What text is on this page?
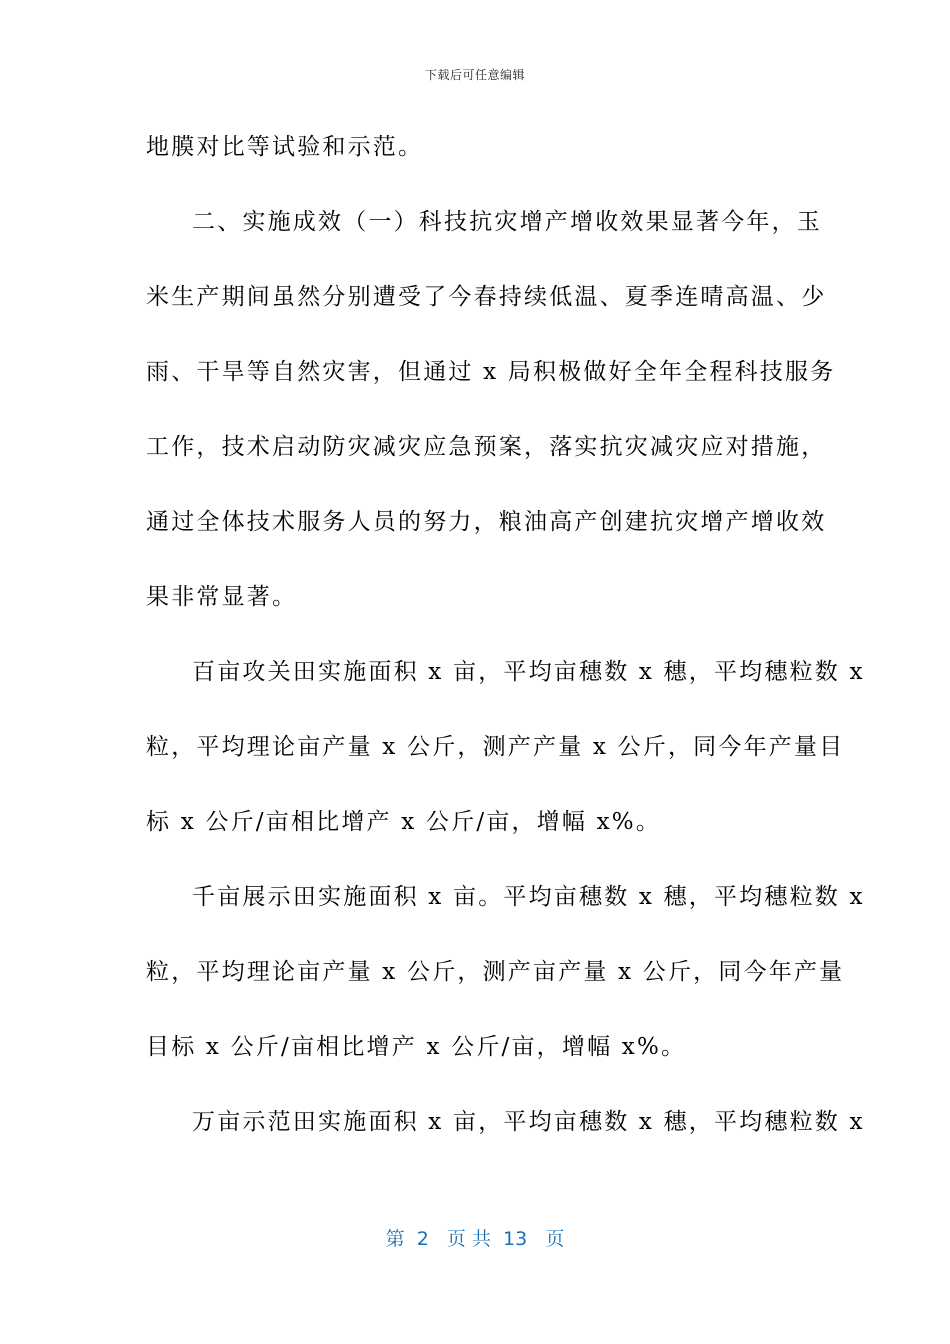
下载后可任意编辑
地膜对比等试验和示范。
二、实施成效（一）科技抗灾增产增收效果显著今年，玉
米生产期间虽然分别遭受了今春持续低温、夏季连晴高温、少
雨、干旱等自然灾害，但通过 x 局积极做好全年全程科技服务
工作，技术启动防灾减灾应急预案，落实抗灾减灾应对措施，
通过全体技术服务人员的努力，粮油高产创建抗灾增产增收效
果非常显著。
百亩攻关田实施面积 x 亩，平均亩穗数 x 穗，平均穗粒数 x
粒，平均理论亩产量 x 公斤，测产产量 x 公斤，同今年产量目
标 x 公斤/亩相比增产 x 公斤/亩，增幅 x%。
千亩展示田实施面积 x 亩。平均亩穗数 x 穗，平均穗粒数 x
粒，平均理论亩产量 x 公斤，测产亩产量 x 公斤，同今年产量
目标 x 公斤/亩相比增产 x 公斤/亩，增幅 x%。
万亩示范田实施面积 x 亩，平均亩穗数 x 穗，平均穗粒数 x
第  2   页 共  13   页
